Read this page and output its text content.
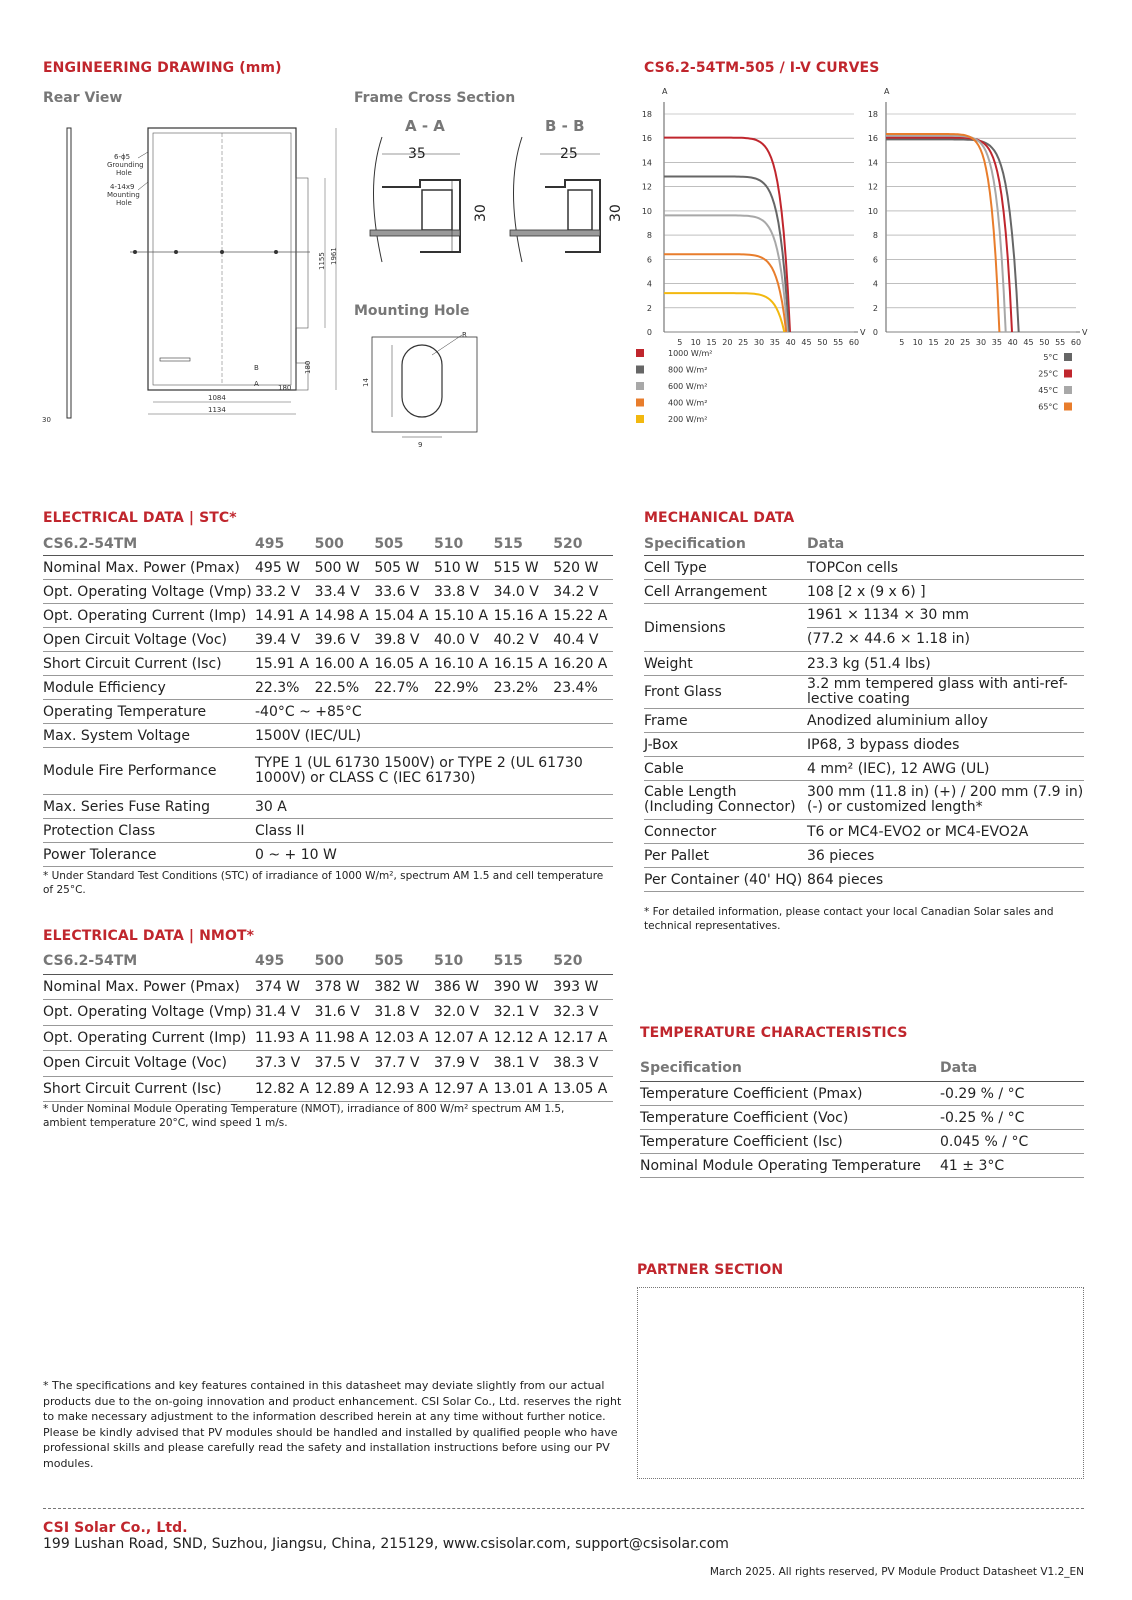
ENGINEERING DRAWING (mm)
Rear View	Frame Cross Section
Mounting Hole
30
1155 1961
180
180
B
A
1084
1134
6-ϕ5
Grounding
Hole
4-14x9
Mounting
Hole
A - A	B - B
35
30
25
30
R
14
9
CS6.2-54TM-505 / I-V CURVES
A
V
0
2
4
6
8
10
12
14
16
18
5 10 15 20 25 30 35 40 45 50 55 60
A
V
0
2
4
6
8
10
12
14
16
18
5 10 15 20 25 30 35 40 45 50 55 60
1000 W/m²
800 W/m²
600 W/m²
400 W/m²
200 W/m²
5°C
25°C
45°C
65°C
ELECTRICAL DATA | STC*
CS6.2-54TM	495	500	505	510	515	520
Nominal Max. Power (Pmax)	495 W	500 W	505 W	510 W	515 W	520 W
Opt. Operating Voltage (Vmp)	33.2 V	33.4 V	33.6 V	33.8 V	34.0 V	34.2 V
Opt. Operating Current (Imp)	14.91 A	14.98 A	15.04 A	15.10 A	15.16 A	15.22 A
Open Circuit Voltage (Voc)	39.4 V	39.6 V	39.8 V	40.0 V	40.2 V	40.4 V
Short Circuit Current (Isc)	15.91 A	16.00 A	16.05 A	16.10 A	16.15 A	16.20 A
Module Efficiency	22.3%	22.5%	22.7%	22.9%	23.2%	23.4%
Operating Temperature	-40°C ~ +85°C					
Max. System Voltage	1500V (IEC/UL)					
Module Fire Performance	TYPE 1 (UL 61730 1500V) or TYPE 2 (UL 61730 1000V) or CLASS C (IEC 61730)					
Max. Series Fuse Rating	30 A					
Protection Class	Class II					
Power Tolerance	0 ~ + 10 W					
* Under Standard Test Conditions (STC) of irradiance of 1000 W/m², spectrum AM 1.5 and cell temperature of 25°C.
ELECTRICAL DATA | NMOT*
CS6.2-54TM	495	500	505	510	515	520
Nominal Max. Power (Pmax)	374 W	378 W	382 W	386 W	390 W	393 W
Opt. Operating Voltage (Vmp)	31.4 V	31.6 V	31.8 V	32.0 V	32.1 V	32.3 V
Opt. Operating Current (Imp)	11.93 A	11.98 A	12.03 A	12.07 A	12.12 A	12.17 A
Open Circuit Voltage (Voc)	37.3 V	37.5 V	37.7 V	37.9 V	38.1 V	38.3 V
Short Circuit Current (Isc)	12.82 A	12.89 A	12.93 A	12.97 A	13.01 A	13.05 A
* Under Nominal Module Operating Temperature (NMOT), irradiance of 800 W/m² spectrum AM 1.5, ambient temperature 20°C, wind speed 1 m/s.
MECHANICAL DATA
Specification	Data
Cell Type	TOPCon cells
Cell Arrangement	108 [2 x (9 x 6) ]
Dimensions	1961 × 1134 × 30 mm
(77.2 × 44.6 × 1.18 in)

Weight	23.3 kg (51.4 lbs)
Front Glass	3.2 mm tempered glass with anti-ref- lective coating
Frame	Anodized aluminium alloy
J-Box	IP68, 3 bypass diodes
Cable	4 mm² (IEC), 12 AWG (UL)
Cable Length (Including Connector)	300 mm (11.8 in) (+) / 200 mm (7.9 in) (-) or customized length*
Connector	T6 or MC4-EVO2 or MC4-EVO2A
Per Pallet	36 pieces
Per Container (40' HQ)	864 pieces
* For detailed information, please contact your local Canadian Solar sales and technical representatives.
TEMPERATURE CHARACTERISTICS
Specification	Data
Temperature Coefficient (Pmax)	-0.29 % / °C
Temperature Coefficient (Voc)	-0.25 % / °C
Temperature Coefficient (Isc)	0.045 % / °C
Nominal Module Operating Temperature	41 ± 3°C
PARTNER SECTION
* The specifications and key features contained in this datasheet may deviate slightly from our actual products due to the on-going innovation and product enhancement. CSI Solar Co., Ltd. reserves the right to make necessary adjustment to the information described herein at any time without further notice. Please be kindly advised that PV modules should be handled and installed by qualified people who have professional skills and please carefully read the safety and installation instructions before using our PV modules.
CSI Solar Co., Ltd.
199 Lushan Road, SND, Suzhou, Jiangsu, China, 215129, www.csisolar.com, support@csisolar.com
March 2025. All rights reserved, PV Module Product Datasheet V1.2_EN
